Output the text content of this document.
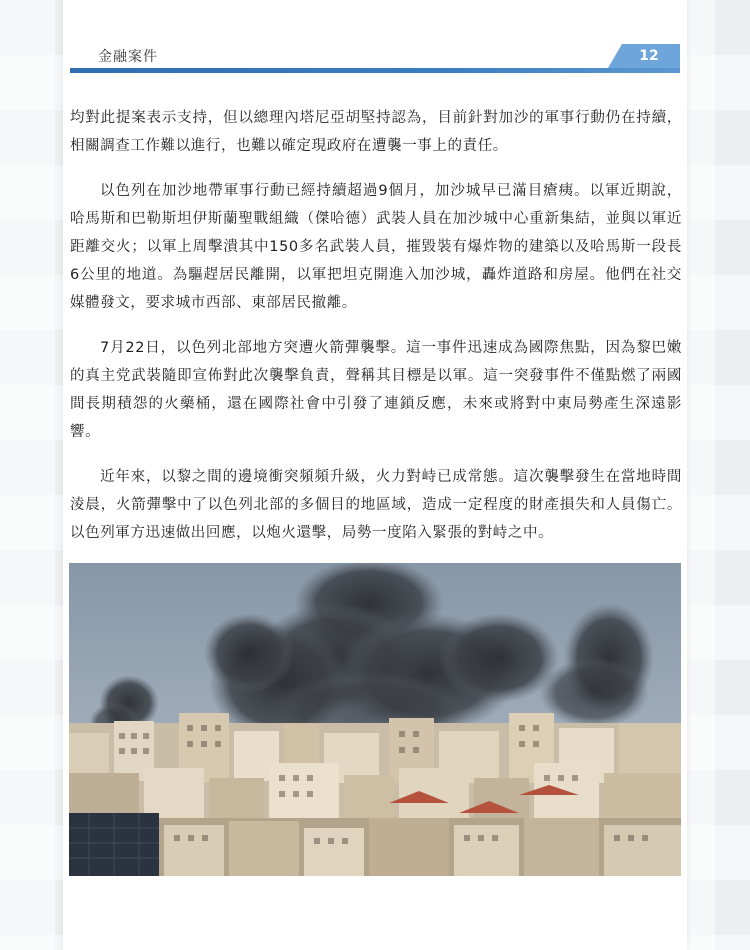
金融案件	12

均對此提案表示支持，但以總理內塔尼亞胡堅持認為，目前針對加沙的軍事行動仍在持續，相關調查工作難以進行，也難以確定現政府在遭襲一事上的責任。

以色列在加沙地帶軍事行動已經持續超過9個月，加沙城早已滿目瘡痍。以軍近期說，哈馬斯和巴勒斯坦伊斯蘭聖戰組織（傑哈德）武裝人員在加沙城中心重新集結，並與以軍近距離交火；以軍上周擊潰其中150多名武裝人員，摧毀裝有爆炸物的建築以及哈馬斯一段長6公里的地道。為驅趕居民離開，以軍把坦克開進入加沙城，轟炸道路和房屋。他們在社交媒體發文，要求城市西部、東部居民撤離。

7月22日，以色列北部地方突遭火箭彈襲擊。這一事件迅速成為國際焦點，因為黎巴嫩的真主党武裝隨即宣佈對此次襲擊負責，聲稱其目標是以軍。這一突發事件不僅點燃了兩國間長期積怨的火藥桶，還在國際社會中引發了連鎖反應，未來或將對中東局勢產生深遠影響。

近年來，以黎之間的邊境衝突頻頻升級，火力對峙已成常態。這次襲擊發生在當地時間淩晨，火箭彈擊中了以色列北部的多個目的地區域，造成一定程度的財產損失和人員傷亡。以色列軍方迅速做出回應，以炮火還擊，局勢一度陷入緊張的對峙之中。
